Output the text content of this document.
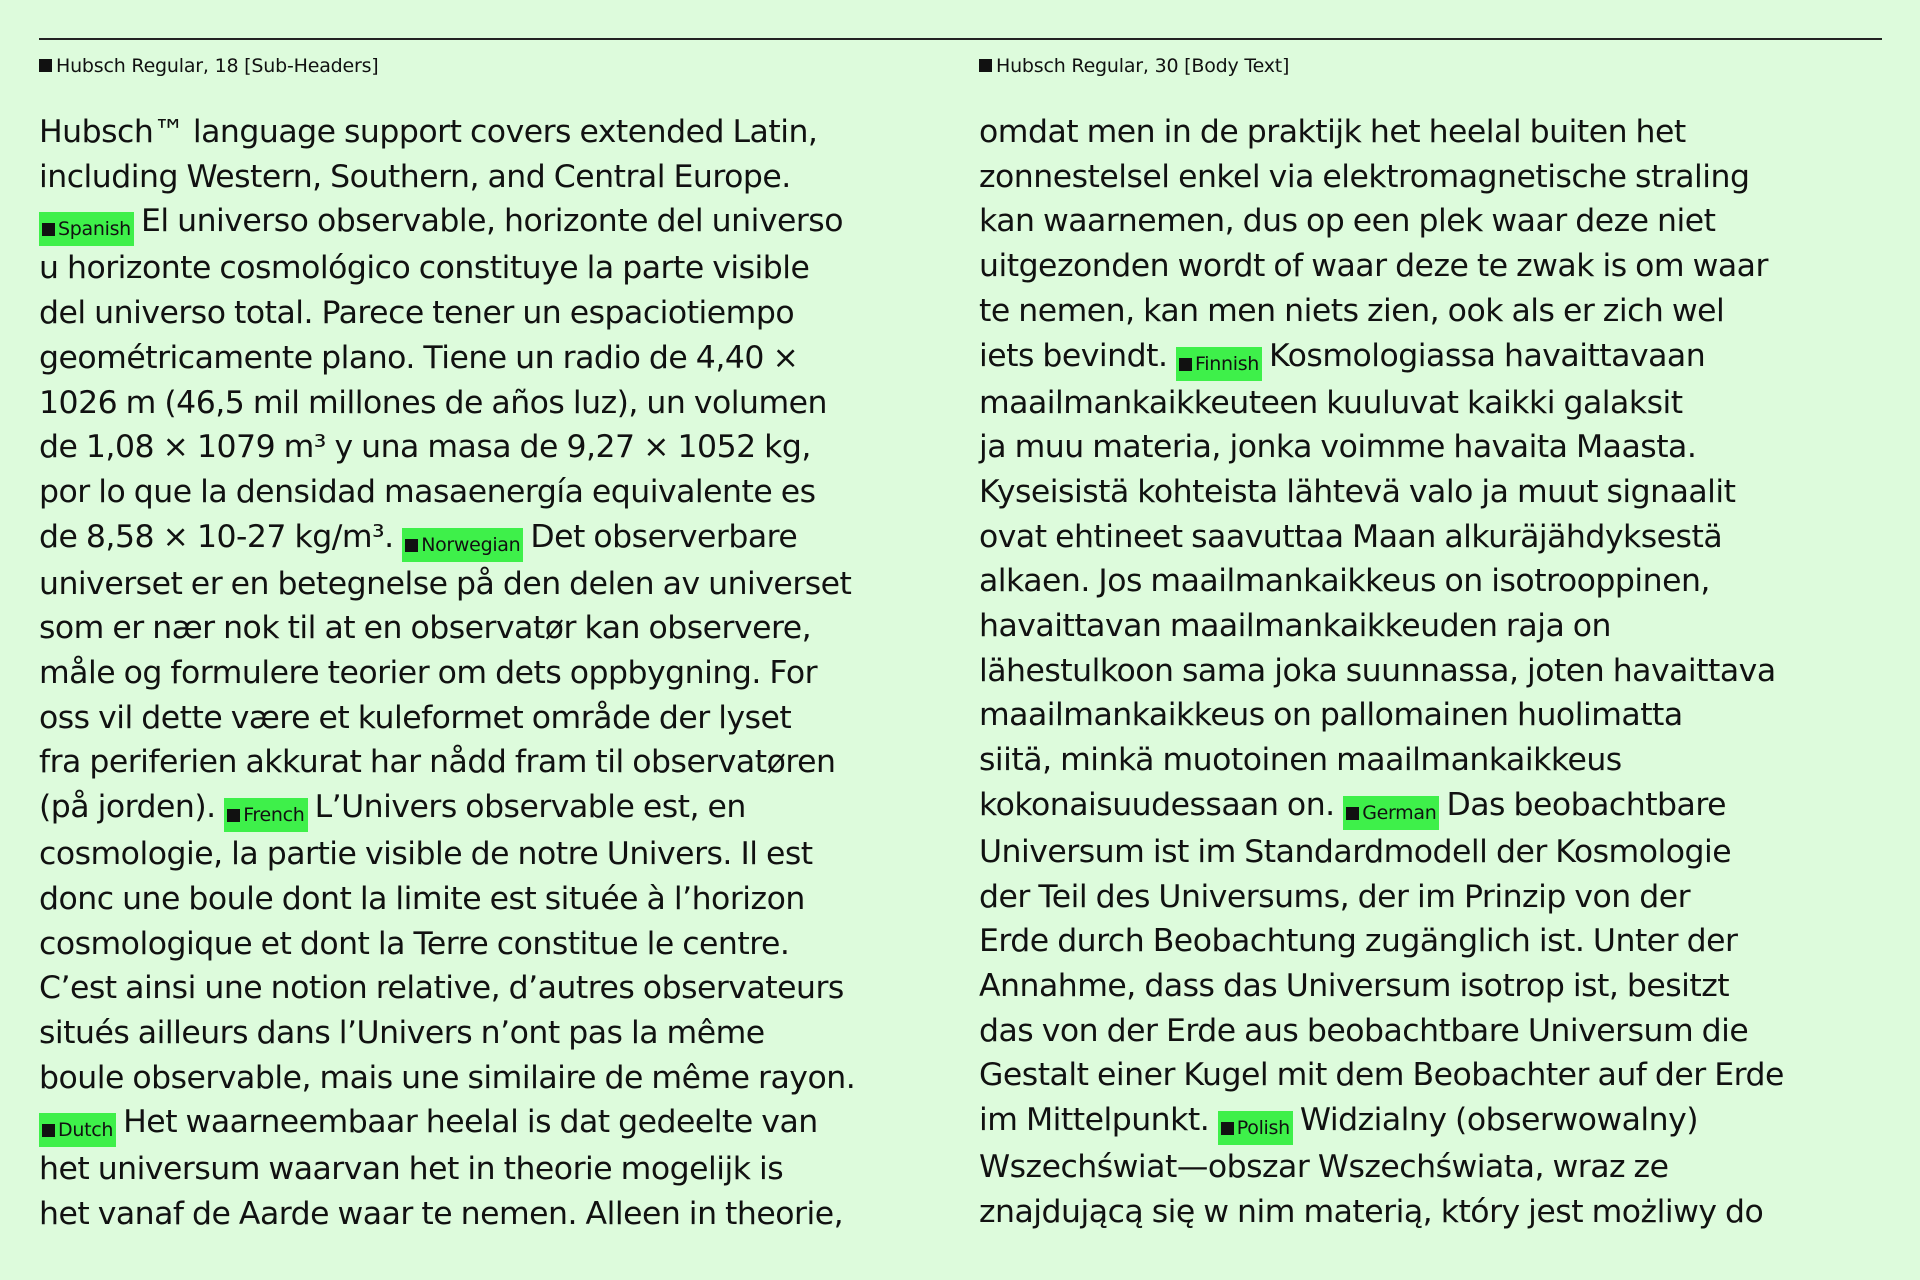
Hubsch Regular, 18 [Sub-Headers]
Hubsch™ language support covers extended Latin,
including Western, Southern, and Central Europe.
Spanish El universo observable, horizonte del universo
u horizonte cosmológico constituye la parte visible
del universo total. Parece tener un espaciotiempo
geométricamente plano. Tiene un radio de 4,40 ×
1026 m (46,5 mil millones de años luz), un volumen
de 1,08 × 1079 m³ y una masa de 9,27 × 1052 kg,
por lo que la densidad masaenergía equivalente es
de 8,58 × 10-27 kg/m³. Norwegian Det observerbare
universet er en betegnelse på den delen av universet
som er nær nok til at en observatør kan observere,
måle og formulere teorier om dets oppbygning. For
oss vil dette være et kuleformet område der lyset
fra periferien akkurat har nådd fram til observatøren
(på jorden). French L’Univers observable est, en
cosmologie, la partie visible de notre Univers. Il est
donc une boule dont la limite est située à l’horizon
cosmologique et dont la Terre constitue le centre.
C’est ainsi une notion relative, d’autres observateurs
situés ailleurs dans l’Univers n’ont pas la même
boule observable, mais une similaire de même rayon.
Dutch Het waarneembaar heelal is dat gedeelte van
het universum waarvan het in theorie mogelijk is
het vanaf de Aarde waar te nemen. Alleen in theorie,
Hubsch Regular, 30 [Body Text]
omdat men in de praktijk het heelal buiten het
zonnestelsel enkel via elektromagnetische straling
kan waarnemen, dus op een plek waar deze niet
uitgezonden wordt of waar deze te zwak is om waar
te nemen, kan men niets zien, ook als er zich wel
iets bevindt. Finnish Kosmologiassa havaittavaan
maailmankaikkeuteen kuuluvat kaikki galaksit
ja muu materia, jonka voimme havaita Maasta.
Kyseisistä kohteista lähtevä valo ja muut signaalit
ovat ehtineet saavuttaa Maan alkuräjähdyksestä
alkaen. Jos maailmankaikkeus on isotrooppinen,
havaittavan maailmankaikkeuden raja on
lähestulkoon sama joka suunnassa, joten havaittava
maailmankaikkeus on pallomainen huolimatta
siitä, minkä muotoinen maailmankaikkeus
kokonaisuudessaan on. German Das beobachtbare
Universum ist im Standardmodell der Kosmologie
der Teil des Universums, der im Prinzip von der
Erde durch Beobachtung zugänglich ist. Unter der
Annahme, dass das Universum isotrop ist, besitzt
das von der Erde aus beobachtbare Universum die
Gestalt einer Kugel mit dem Beobachter auf der Erde
im Mittelpunkt. Polish Widzialny (obserwowalny)
Wszechświat—obszar Wszechświata, wraz ze
znajdującą się w nim materią, który jest możliwy do
